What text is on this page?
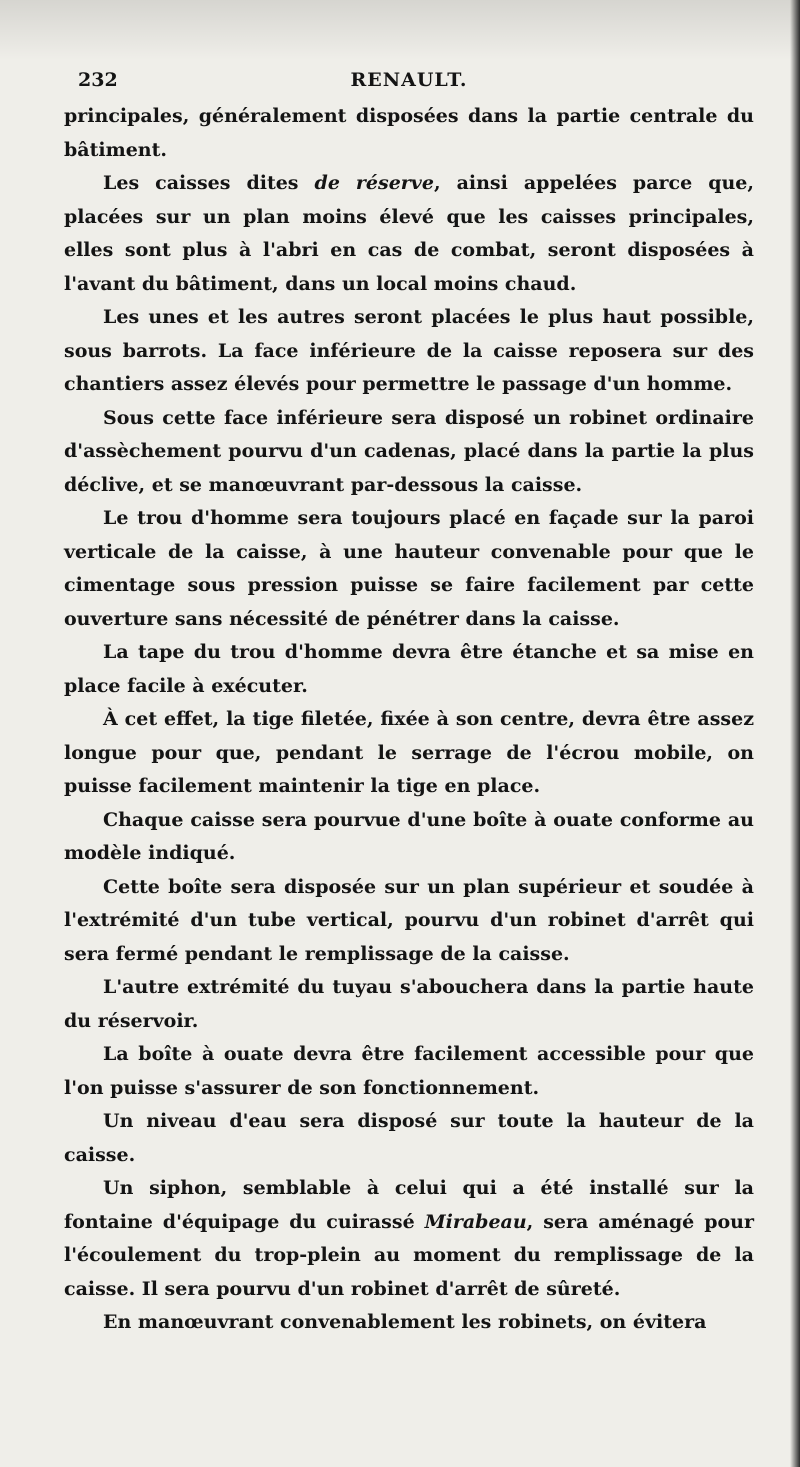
232	RENAULT.

principales, généralement disposées dans la partie centrale du bâtiment.

Les caisses dites de réserve, ainsi appelées parce que, placées sur un plan moins élevé que les caisses principales, elles sont plus à l'abri en cas de combat, seront disposées à l'avant du bâtiment, dans un local moins chaud.

Les unes et les autres seront placées le plus haut possible, sous barrots. La face inférieure de la caisse reposera sur des chantiers assez élevés pour permettre le passage d'un homme.

Sous cette face inférieure sera disposé un robinet ordinaire d'assèchement pourvu d'un cadenas, placé dans la partie la plus déclive, et se manœuvrant par-dessous la caisse.

Le trou d'homme sera toujours placé en façade sur la paroi verticale de la caisse, à une hauteur convenable pour que le cimentage sous pression puisse se faire facilement par cette ouverture sans nécessité de pénétrer dans la caisse.

La tape du trou d'homme devra être étanche et sa mise en place facile à exécuter.

À cet effet, la tige filetée, fixée à son centre, devra être assez longue pour que, pendant le serrage de l'écrou mobile, on puisse facilement maintenir la tige en place.

Chaque caisse sera pourvue d'une boîte à ouate conforme au modèle indiqué.

Cette boîte sera disposée sur un plan supérieur et soudée à l'extrémité d'un tube vertical, pourvu d'un robinet d'arrêt qui sera fermé pendant le remplissage de la caisse.

L'autre extrémité du tuyau s'abouchera dans la partie haute du réservoir.

La boîte à ouate devra être facilement accessible pour que l'on puisse s'assurer de son fonctionnement.

Un niveau d'eau sera disposé sur toute la hauteur de la caisse.

Un siphon, semblable à celui qui a été installé sur la fontaine d'équipage du cuirassé Mirabeau, sera aménagé pour l'écoulement du trop-plein au moment du remplissage de la caisse. Il sera pourvu d'un robinet d'arrêt de sûreté.

En manœuvrant convenablement les robinets, on évitera
